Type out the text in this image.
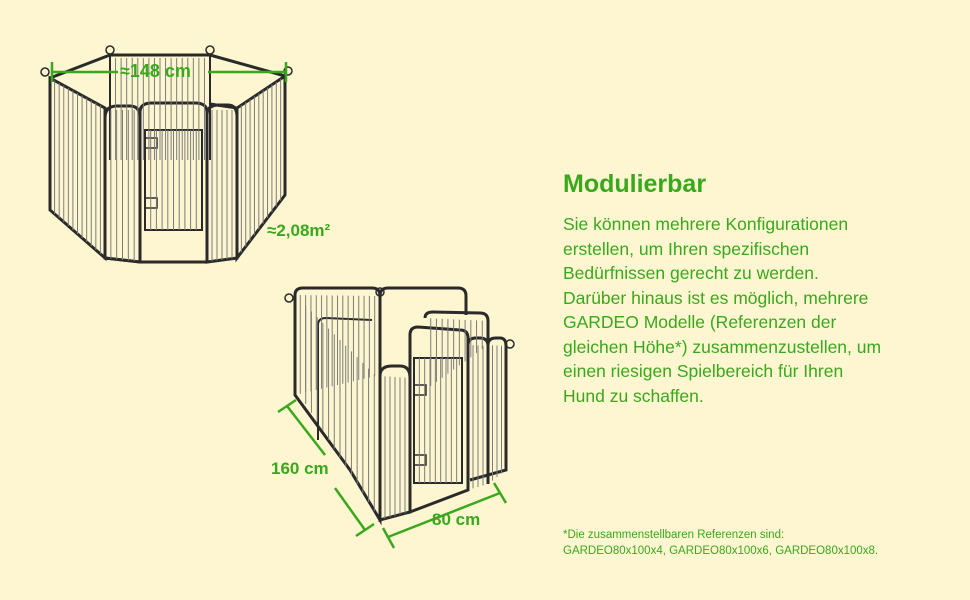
≈148 cm
≈2,08m²
160 cm
80 cm
Modulierbar
Sie können mehrere Konfigurationen
erstellen, um Ihren spezifischen
Bedürfnissen gerecht zu werden.
Darüber hinaus ist es möglich, mehrere
GARDEO Modelle (Referenzen der
gleichen Höhe*) zusammenzustellen, um
einen riesigen Spielbereich für Ihren
Hund zu schaffen.
*Die zusammenstellbaren Referenzen sind:
GARDEO80x100x4, GARDEO80x100x6, GARDEO80x100x8.
